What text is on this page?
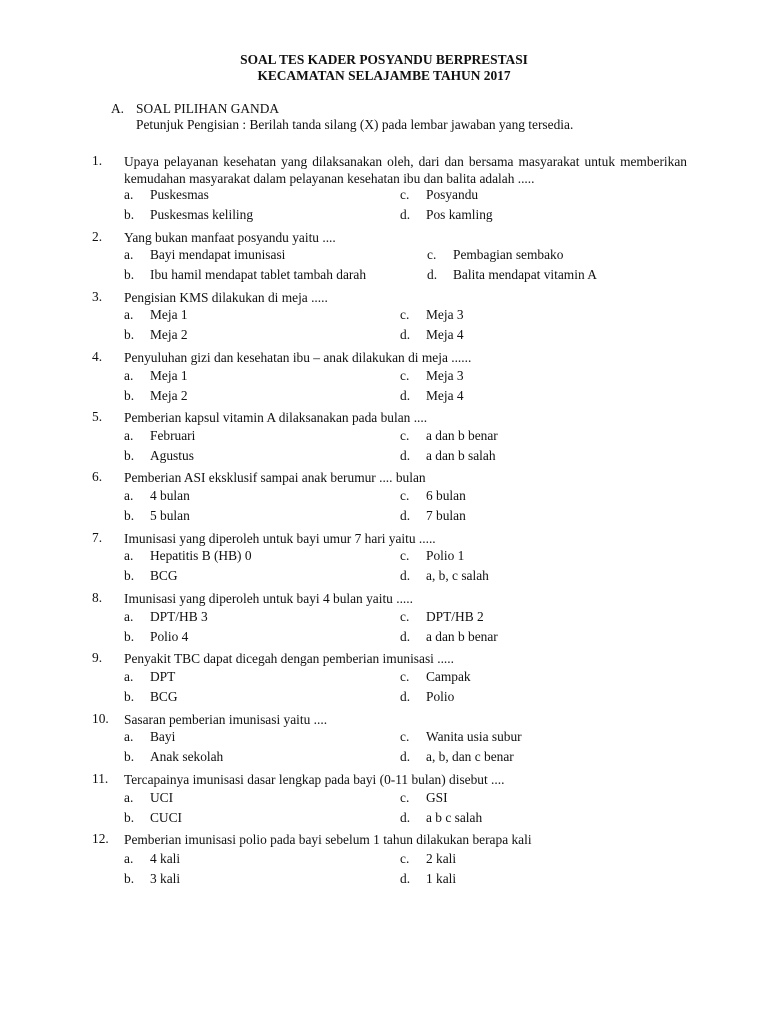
SOAL TES KADER POSYANDU BERPRESTASI
KECAMATAN SELAJAMBE TAHUN 2017
A. SOAL PILIHAN GANDA
Petunjuk Pengisian : Berilah tanda silang (X) pada lembar jawaban yang tersedia.
1.	Upaya pelayanan kesehatan yang dilaksanakan oleh, dari dan bersama masyarakat untuk memberikan kemudahan masyarakat dalam pelayanan kesehatan ibu dan balita adalah .....
a. Puskesmas
b. Puskesmas keliling
c. Posyandu
d. Pos kamling
2.	Yang bukan manfaat posyandu yaitu ....
a. Bayi mendapat imunisasi
b. Ibu hamil mendapat tablet tambah darah
c. Pembagian sembako
d. Balita mendapat vitamin A
3.	Pengisian KMS dilakukan di meja .....
a. Meja 1
b. Meja 2
c. Meja 3
d. Meja 4
4.	Penyuluhan gizi dan kesehatan ibu – anak dilakukan di meja ......
a. Meja 1
b. Meja 2
c. Meja 3
d. Meja 4
5.	Pemberian kapsul vitamin A dilaksanakan pada bulan ....
a. Februari
b. Agustus
c. a dan b benar
d. a dan b salah
6.	Pemberian ASI eksklusif sampai anak berumur .... bulan
a. 4 bulan
b. 5 bulan
c. 6 bulan
d. 7 bulan
7.	Imunisasi yang diperoleh untuk bayi umur 7 hari yaitu .....
a. Hepatitis B (HB) 0
b. BCG
c. Polio 1
d. a, b, c salah
8.	Imunisasi yang diperoleh untuk bayi 4 bulan yaitu .....
a. DPT/HB 3
b. Polio 4
c. DPT/HB 2
d. a dan b benar
9.	Penyakit TBC dapat dicegah dengan pemberian imunisasi .....
a. DPT
b. BCG
c. Campak
d. Polio
10.	Sasaran pemberian imunisasi yaitu ....
a. Bayi
b. Anak sekolah
c. Wanita usia subur
d. a, b, dan c benar
11.	Tercapainya imunisasi dasar lengkap pada bayi (0-11 bulan) disebut ....
a. UCI
b. CUCI
c. GSI
d. a b c salah
12.	Pemberian imunisasi polio pada bayi sebelum 1 tahun dilakukan berapa kali
a. 4 kali
b. 3 kali
c. 2 kali
d. 1 kali
